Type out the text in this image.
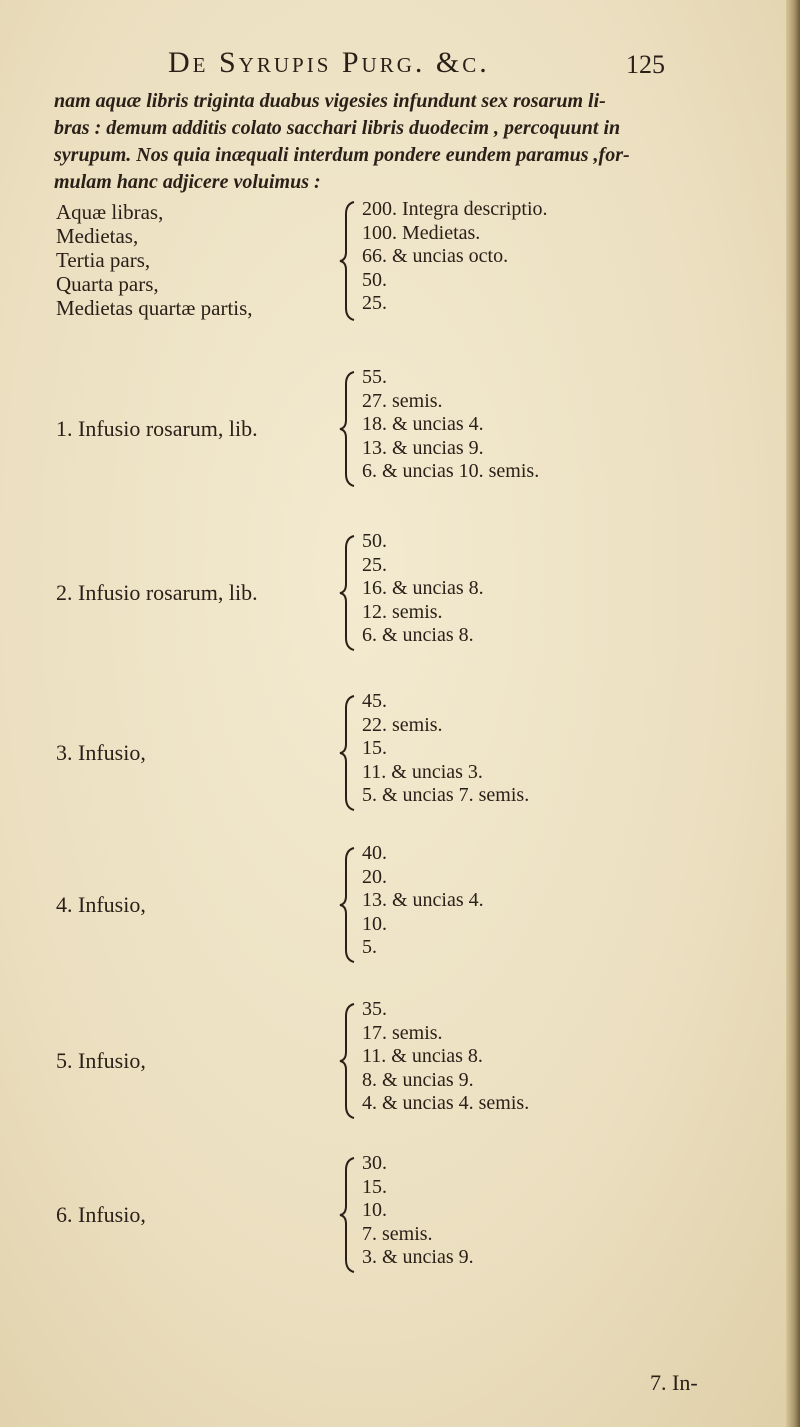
De Syrupis Purg. &c.	125
nam aquæ libris triginta duabus vigesies infundunt sex rosarum li-
bras : demum additis colato sacchari libris duodecim , percoquunt in
syrupum. Nos quia inæquali interdum pondere eundem paramus ,for-
mulam hanc adjicere voluimus :
Aquæ libras,
Medietas,
Tertia pars,
Quarta pars,
Medietas quartæ partis,
200. Integra descriptio.
100. Medietas.
66. & uncias octo.
50.
25.
1. Infusio rosarum, lib.
55.
27. semis.
18. & uncias 4.
13. & uncias 9.
6. & uncias 10. semis.
2. Infusio rosarum, lib.
50.
25.
16. & uncias 8.
12. semis.
6. & uncias 8.
3. Infusio,
45.
22. semis.
15.
11. & uncias 3.
5. & uncias 7. semis.
4. Infusio,
40.
20.
13. & uncias 4.
10.
5.
5. Infusio,
35.
17. semis.
11. & uncias 8.
8. & uncias 9.
4. & uncias 4. semis.
6. Infusio,
30.
15.
10.
7. semis.
3. & uncias 9.
7. In-
